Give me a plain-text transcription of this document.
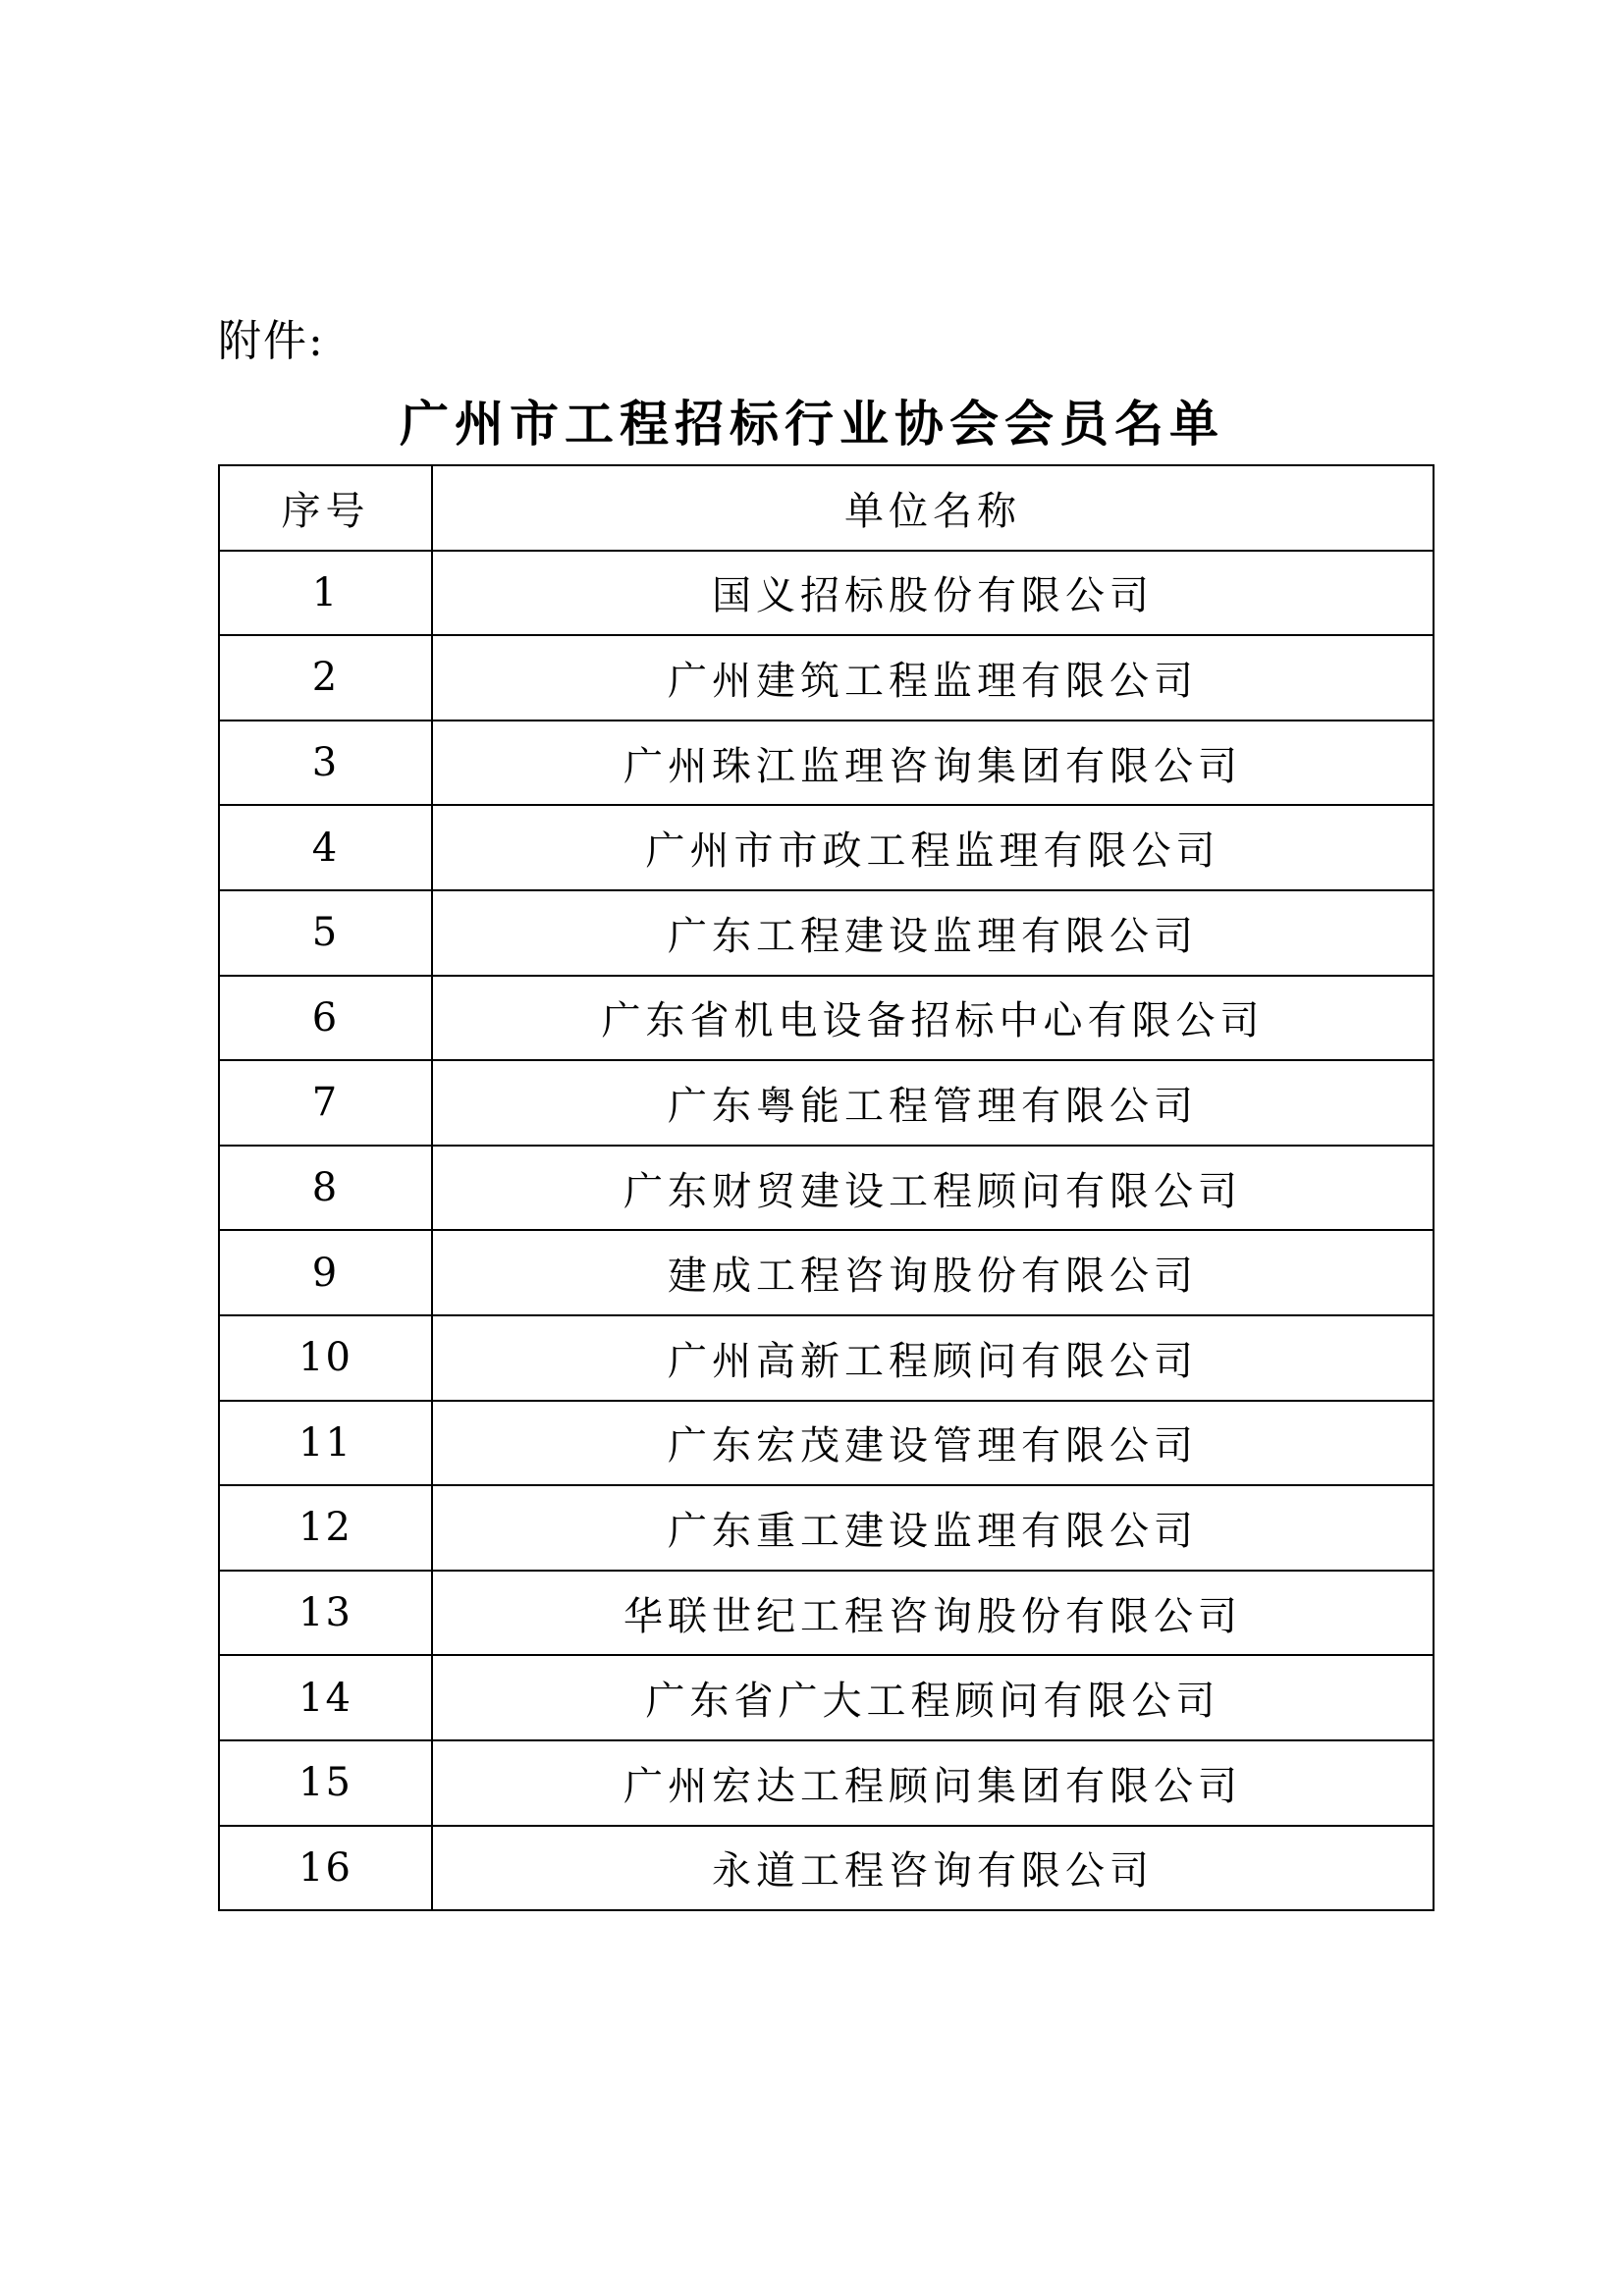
附件:
广州市工程招标行业协会会员名单
序号	单位名称
1	国义招标股份有限公司
2	广州建筑工程监理有限公司
3	广州珠江监理咨询集团有限公司
4	广州市市政工程监理有限公司
5	广东工程建设监理有限公司
6	广东省机电设备招标中心有限公司
7	广东粤能工程管理有限公司
8	广东财贸建设工程顾问有限公司
9	建成工程咨询股份有限公司
10	广州高新工程顾问有限公司
11	广东宏茂建设管理有限公司
12	广东重工建设监理有限公司
13	华联世纪工程咨询股份有限公司
14	广东省广大工程顾问有限公司
15	广州宏达工程顾问集团有限公司
16	永道工程咨询有限公司
